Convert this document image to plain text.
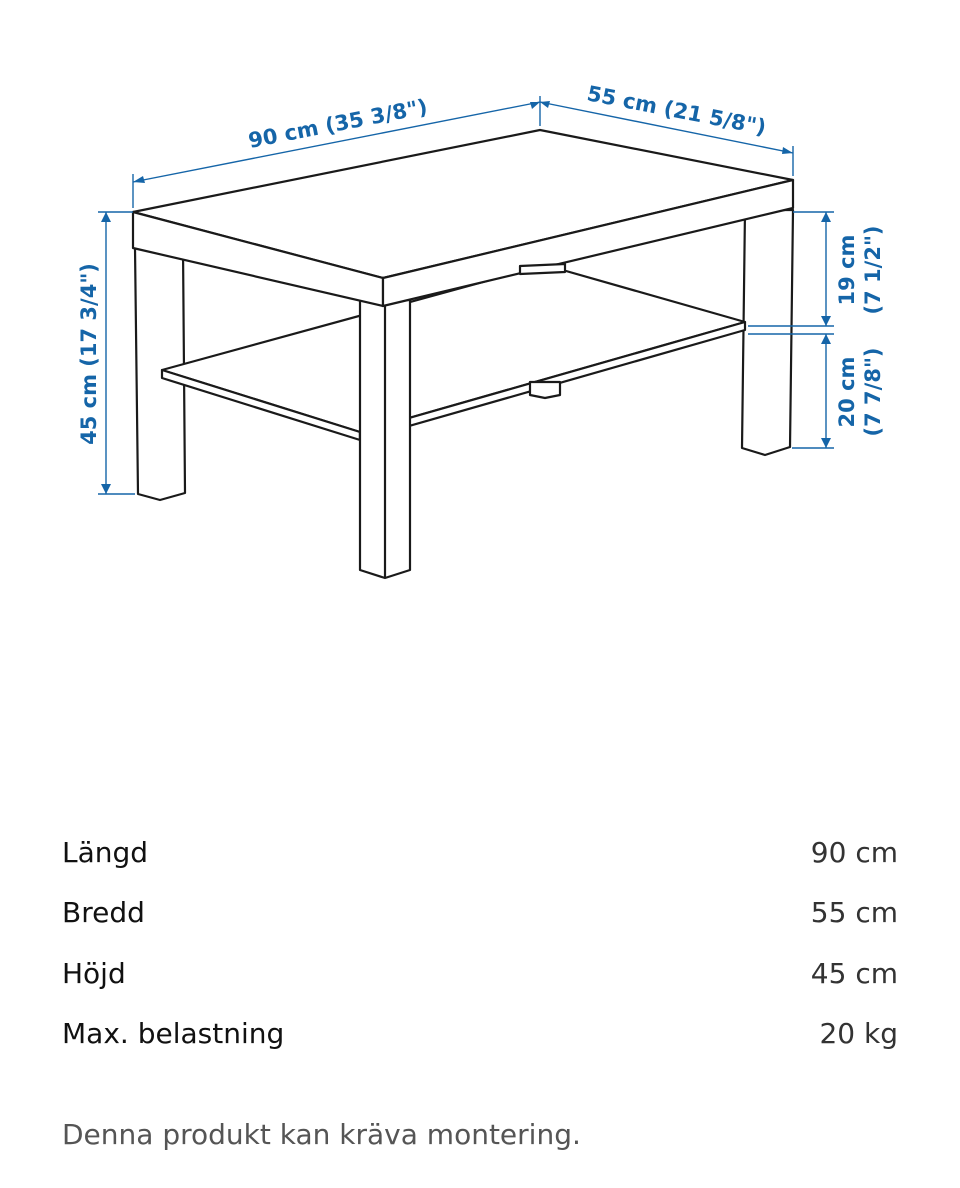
90 cm (35 3/8")	55 cm (21 5/8")
45 cm (17 3/4")	19 cm (7 1/2")
20 cm (7 7/8")
Längd	90 cm
Bredd	55 cm
Höjd	45 cm
Max. belastning	20 kg
Denna produkt kan kräva montering.
